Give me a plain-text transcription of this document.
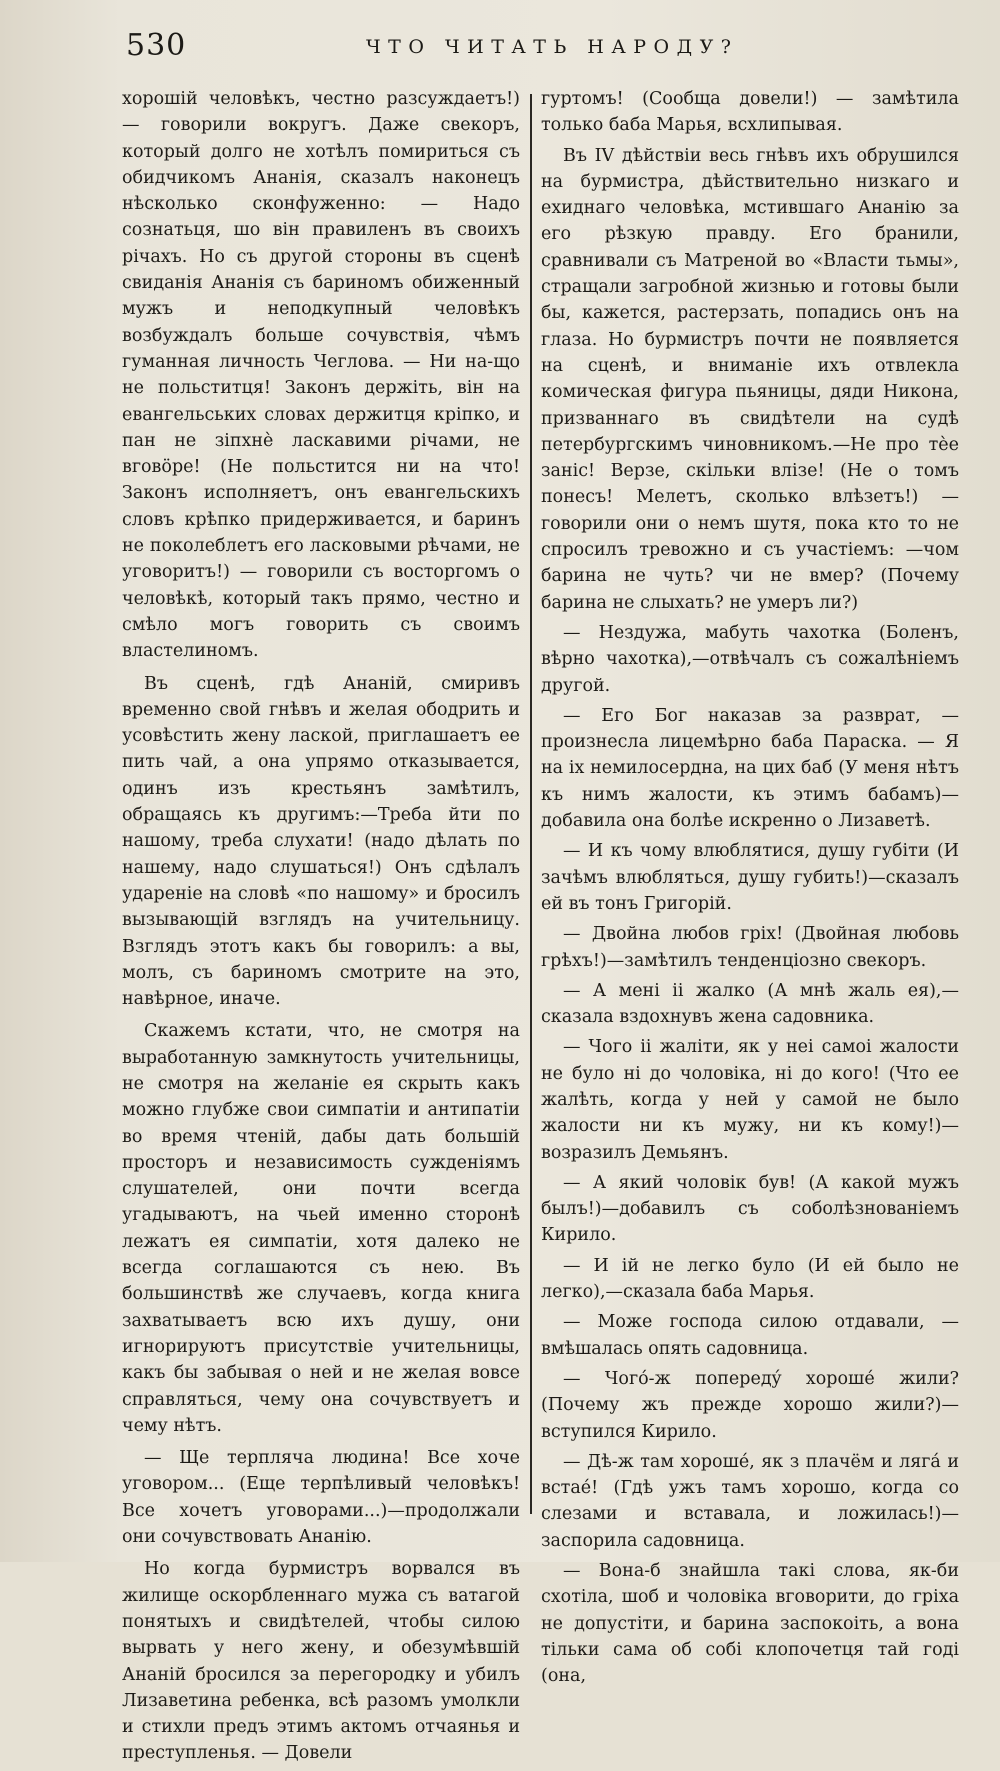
530	ЧТО ЧИТАТЬ НАРОДУ?

хорошiй человѣкъ, честно разсуждаетъ!)— говорили вокругъ. Даже свекоръ, который долго не хотѣлъ помириться съ обидчикомъ Ананiя, сказалъ наконецъ нѣсколько сконфуженно: — Надо сознатьця, шо вiн правиленъ въ своихъ рiчахъ. Но съ другой стороны въ сценѣ свиданiя Ананiя съ бариномъ обиженный мужъ и неподкупный человѣкъ возбуждалъ больше сочувствiя, чѣмъ гуманная личность Чеглова. — Ни на-що не польститця! Законъ держiть, вiн на евангельських словах держитця крiпко, и пан не зiпхнѐ ласкавими рiчами, не вговöре! (Не польстится ни на что! Законъ исполняетъ, онъ евангельскихъ словъ крѣпко придерживается, и баринъ не поколеблетъ его ласковыми рѣчами, не уговоритъ!) — говорили съ восторгомъ о человѣкѣ, который такъ прямо, честно и смѣло могъ говорить съ своимъ властелиномъ.

Въ сценѣ, гдѣ Ананiй, смиривъ временно свой гнѣвъ и желая ободрить и усовѣстить жену лаской, приглашаетъ ее пить чай, а она упрямо отказывается, одинъ изъ крестьянъ замѣтилъ, обращаясь къ другимъ:—Треба йти по нашому, треба слухати! (надо дѣлать по нашему, надо слушаться!) Онъ сдѣлалъ ударенiе на словѣ «по нашому» и бросилъ вызывающiй взглядъ на учительницу. Взглядъ этотъ какъ бы говорилъ: а вы, молъ, съ бариномъ смотрите на это, навѣрное, иначе.

Скажемъ кстати, что, не смотря на выработанную замкнутость учительницы, не смотря на желанiе ея скрыть какъ можно глубже свои симпатiи и антипатiи во время чтенiй, дабы дать большiй просторъ и независимость сужденiямъ слушателей, они почти всегда угадываютъ, на чьей именно сторонѣ лежатъ ея симпатiи, хотя далеко не всегда соглашаются съ нею. Въ большинствѣ же случаевъ, когда книга захватываетъ всю ихъ душу, они игнорируютъ присутствiе учительницы, какъ бы забывая о ней и не желая вовсе справляться, чему она сочувствуетъ и чему нѣтъ.

— Ще терплячa людина! Все хоче уговором... (Еще терпѣливый человѣкъ! Все хочетъ уговорами...)—продолжали они сочувствовать Ананiю.

Но когда бурмистръ ворвался въ жилище оскорбленнаго мужа съ ватагой понятыхъ и свидѣтелей, чтобы силою вырвать у него жену, и обезумѣвшiй Ананiй бросился за перегородку и убилъ Лизаветина ребенка, всѣ разомъ умолкли и стихли предъ этимъ актомъ отчаянья и преступленья. — Довели

гуртомъ! (Сообща довели!) — замѣтила только баба Марья, всхлипывая.

Въ IV дѣйствiи весь гнѣвъ ихъ обрушился на бурмистра, дѣйствительно низкаго и ехиднаго человѣка, мстившаго Ананiю за его рѣзкую правду. Его бранили, сравнивали съ Матреной во «Власти тьмы», стращали загробной жизнью и готовы были бы, кажется, растерзать, попадись онъ на глаза. Но бурмистръ почти не появляется на сценѣ, и вниманiе ихъ отвлекла комическая фигура пьяницы, дяди Никона, призваннаго въ свидѣтели на судѣ петербургскимъ чиновникомъ.—Не про тѐе занiс! Верзе, скiльки влiзе! (Не о томъ понесъ! Мелетъ, сколько влѣзетъ!) — говорили они о немъ шутя, пока кто то не спросилъ тревожно и съ участiемъ: —чом барина не чуть? чи не вмер? (Почему барина не слыхать? не умеръ ли?)

— Нездужа, мабуть чахотка (Боленъ, вѣрно чахотка),—отвѣчалъ съ сожалѣнiемъ другой.

— Его Бог наказав за разврат, — произнесла лицемѣрно баба Параска. — Я на iх немилосердна, на цих баб (У меня нѣтъ къ нимъ жалости, къ этимъ бабамъ)—добавила она болѣе искренно о Лизаветѣ.

— И къ чому влюблятися, душу губiти (И зачѣмъ влюбляться, душу губить!)—сказалъ ей въ тонъ Григорiй.

— Двойна любов грiх! (Двойная любовь грѣхъ!)—замѣтилъ тенденцiозно свекоръ.

— А менi ii жалко (А мнѣ жаль ея),—сказала вздохнувъ жена садовника.

— Чого ii жалiти, як у неi самоi жалости не було нi до чоловiка, нi до кого! (Что ее жалѣть, когда у ней у самой не было жалости ни къ мужу, ни къ кому!)—возразилъ Демьянъ.

— А який чоловiк бyв! (А какой мужъ былъ!)—добавилъ съ соболѣзнованiемъ Кирило.

— И iй не легко було (И ей было не легко),—сказала баба Марья.

— Може господа силою отдавали, — вмѣшалась опять садовница.

— Чогó-ж попередý хорошé жили? (Почему жъ прежде хорошо жили?)—вступился Кирило.

— Дѣ-ж там хорошé, як з плачём и лягá и встаé! (Гдѣ ужъ тамъ хорошо, когда со слезами и вставала, и ложилась!)—заспорила садовница.

— Вона-б знайшла такi слова, як-би схотiла, шоб и чоловiка вговорити, до грiха не допустiти, и барина заспокоiть, а вона тiльки сама об собi клопочетця тай годi (она,
